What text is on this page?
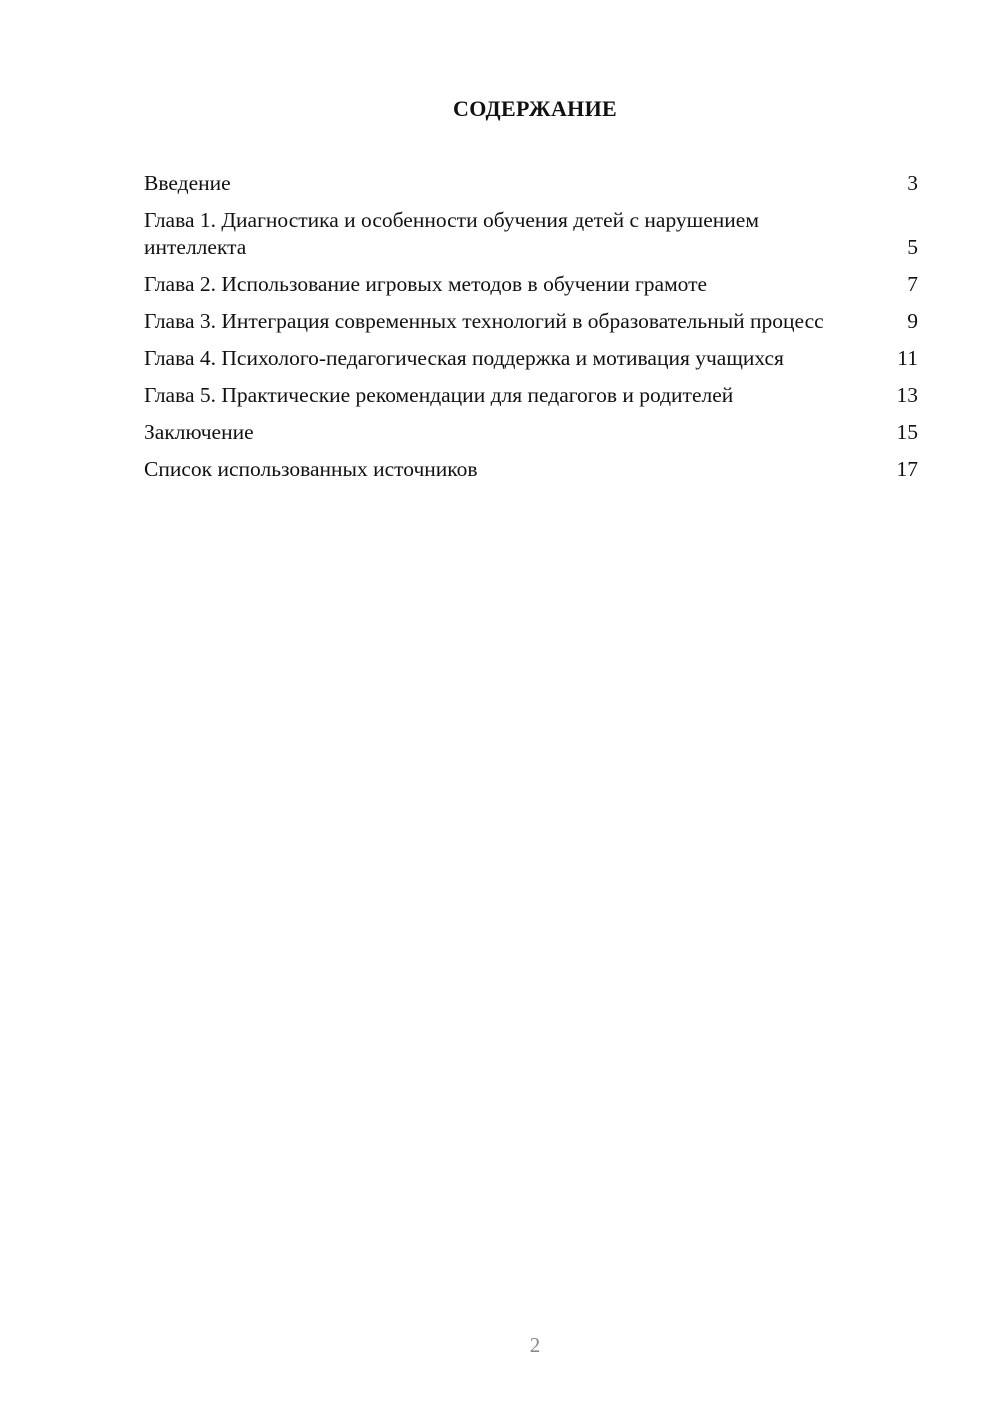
СОДЕРЖАНИЕ
Введение	3
Глава 1. Диагностика и особенности обучения детей с нарушением интеллекта	5
Глава 2. Использование игровых методов в обучении грамоте	7
Глава 3. Интеграция современных технологий в образовательный процесс	9
Глава 4. Психолого-педагогическая поддержка и мотивация учащихся	11
Глава 5. Практические рекомендации для педагогов и родителей	13
Заключение	15
Список использованных источников	17
2
